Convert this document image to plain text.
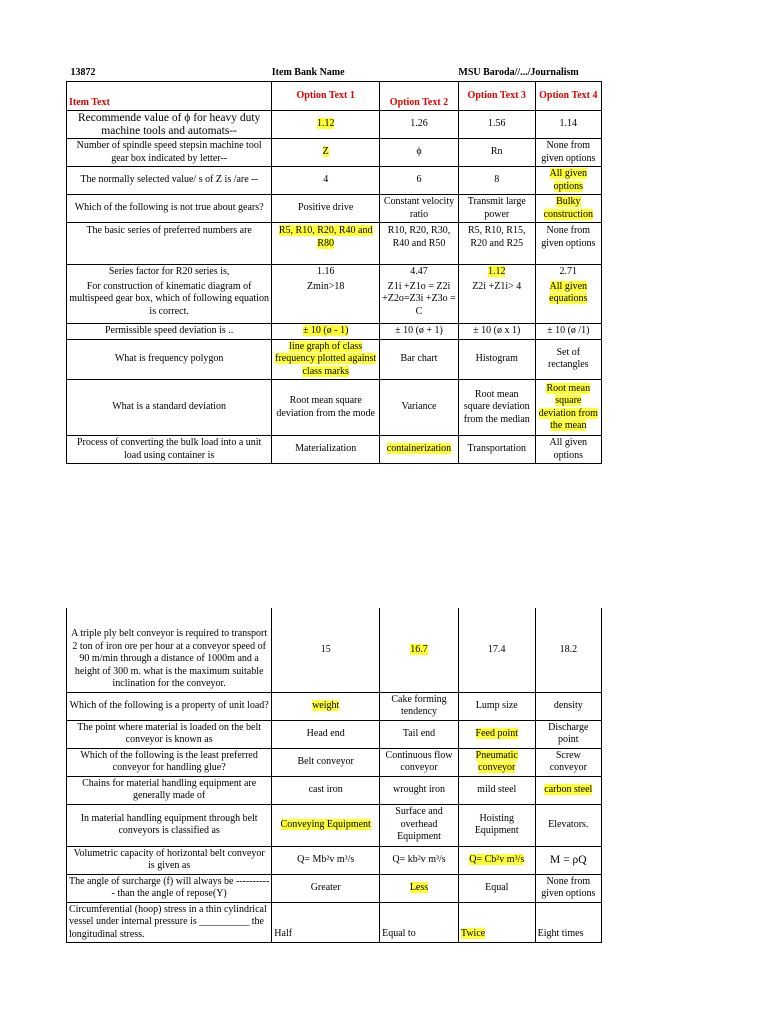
13872	Item Bank Name		MSU Baroda//.../Journalism	
Item Text	Option Text 1	Option Text 2	Option Text 3	Option Text 4
Recommende value of ϕ for heavy duty machine tools and automats--	1.12	1.26	1.56	1.14
Number of spindle speed stepsin machine tool gear box indicated by letter--	Z	ϕ	Rn	None from given options
The normally selected value/ s of Z is /are --	4	6	8	All given options
Which of the following is not true about gears?	Positive drive	Constant velocity ratio	Transmit large power	Bulky construction
The basic series of preferred numbers are	R5, R10, R20, R40 and R80	R10, R20, R30, R40 and R50	R5, R10, R15, R20 and R25	None from given options
Series factor for R20 series is,	1.16	4.47	1.12	2.71
For construction of kinematic diagram of multispeed gear box, which of following equation is correct.	Zmin>18	Z1i +Z1o = Z2i +Z2o=Z3i +Z3o = C	Z2i +Z1i> 4	All given equations
Permissible speed deviation is ..	± 10 (ø - 1)	± 10 (ø + 1)	± 10 (ø x 1)	± 10 (ø /1)
What is frequency polygon	line graph of class frequency plotted against class marks	Bar chart	Histogram	Set of rectangles
What is a standard deviation	Root mean square deviation from the mode	Variance	Root mean square deviation from the median	Root mean square deviation from the mean
Process of converting the bulk load into a unit load using container is	Materialization	containerization	Transportation	All given options
A triple ply belt conveyor is required to transport 2 ton of iron ore per hour at a conveyor speed of 90 m/min through a distance of 1000m and a height of 300 m. what is the maximum suitable inclination for the conveyor.	15	16.7	17.4	18.2
Which of the following is a property of unit load?	weight	Cake forming tendency	Lump size	density
The point where material is loaded on the belt conveyor is known as	Head end	Tail end	Feed point	Discharge point
Which of the following is the least preferred conveyor for handling glue?	Belt conveyor	Continuous flow conveyor	Pneumatic conveyor	Screw conveyor
Chains for material handling equipment are generally made of	cast iron	wrought iron	mild steel	carbon steel
In material handling equipment through belt conveyors is classified as	Conveying Equipment	Surface and overhead Equipment	Hoisting Equipment	Elevators.
Volumetric capacity of horizontal belt conveyor is given as	Q= Mb²v m³/s	Q= kb²v m³/s	Q= Cb²v m³/s	M = ρQ
The angle of surcharge (f) will always be ----------- than the angle of repose(Y)	Greater	Less	Equal	None from given options
Circumferential (hoop) stress in a thin cylindrical vessel under internal pressure is __________ the longitudinal stress.	Half	Equal to	Twice	Eight times
